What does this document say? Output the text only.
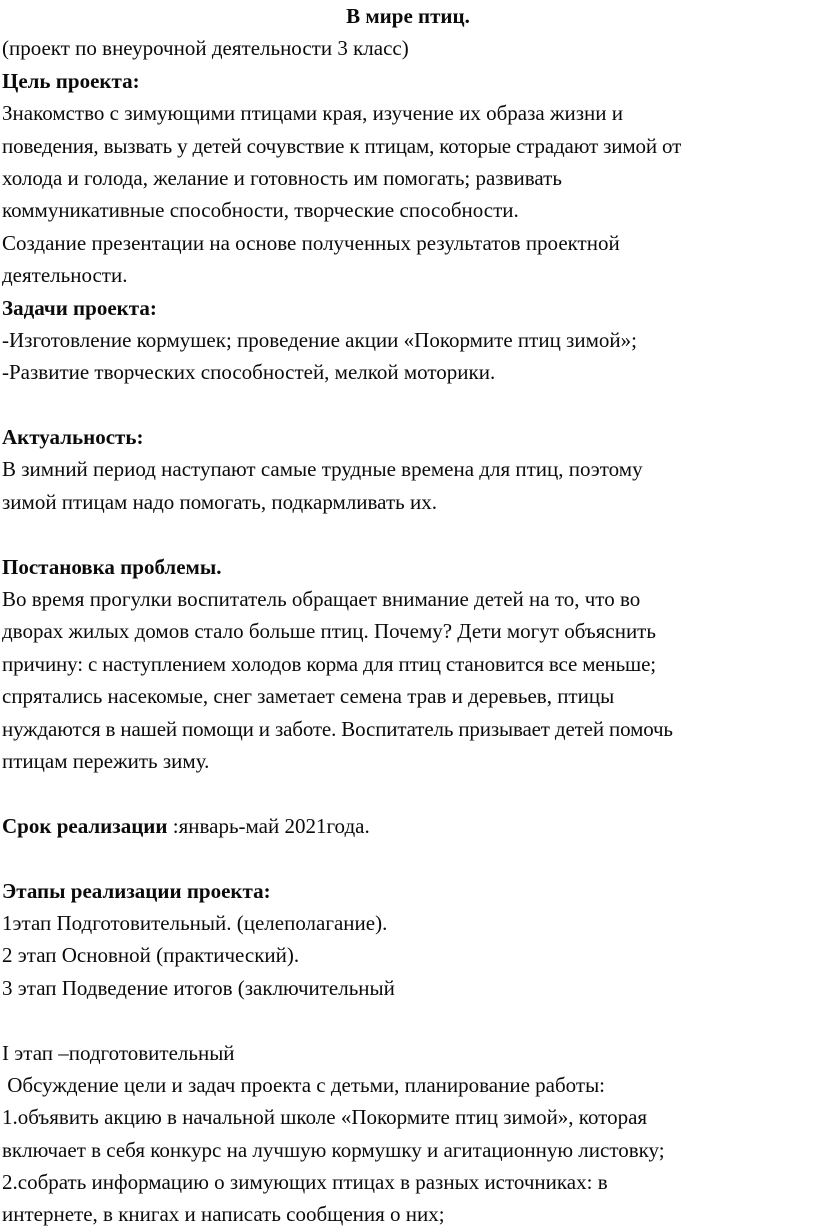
В мире птиц.
(проект по внеурочной деятельности 3 класс)
Цель проекта:
Знакомство с зимующими птицами края, изучение их образа жизни и
поведения, вызвать у детей сочувствие к птицам, которые страдают зимой от
холода и голода, желание и готовность им помогать; развивать
коммуникативные способности, творческие способности.
Создание презентации на основе полученных результатов проектной
деятельности.
Задачи проекта:
-Изготовление кормушек; проведение акции «Покормите птиц зимой»;
-Развитие творческих способностей, мелкой моторики.
Актуальность:
В зимний период наступают самые трудные времена для птиц, поэтому
зимой птицам надо помогать, подкармливать их.
Постановка проблемы.
Во время прогулки воспитатель обращает внимание детей на то, что во
дворах жилых домов стало больше птиц. Почему? Дети могут объяснить
причину: с наступлением холодов корма для птиц становится все меньше;
спрятались насекомые, снег заметает семена трав и деревьев, птицы
нуждаются в нашей помощи и заботе. Воспитатель призывает детей помочь
птицам пережить зиму.
Срок реализации :январь-май 2021года.
Этапы реализации проекта:
1этап Подготовительный. (целеполагание).
2 этап Основной (практический).
3 этап Подведение итогов (заключительный
I этап –подготовительный
Обсуждение цели и задач проекта с детьми, планирование работы:
1.объявить акцию в начальной школе «Покормите птиц зимой», которая
включает в себя конкурс на лучшую кормушку и агитационную листовку;
2.собрать информацию о зимующих птицах в разных источниках: в
интернете, в книгах и написать сообщения о них;
